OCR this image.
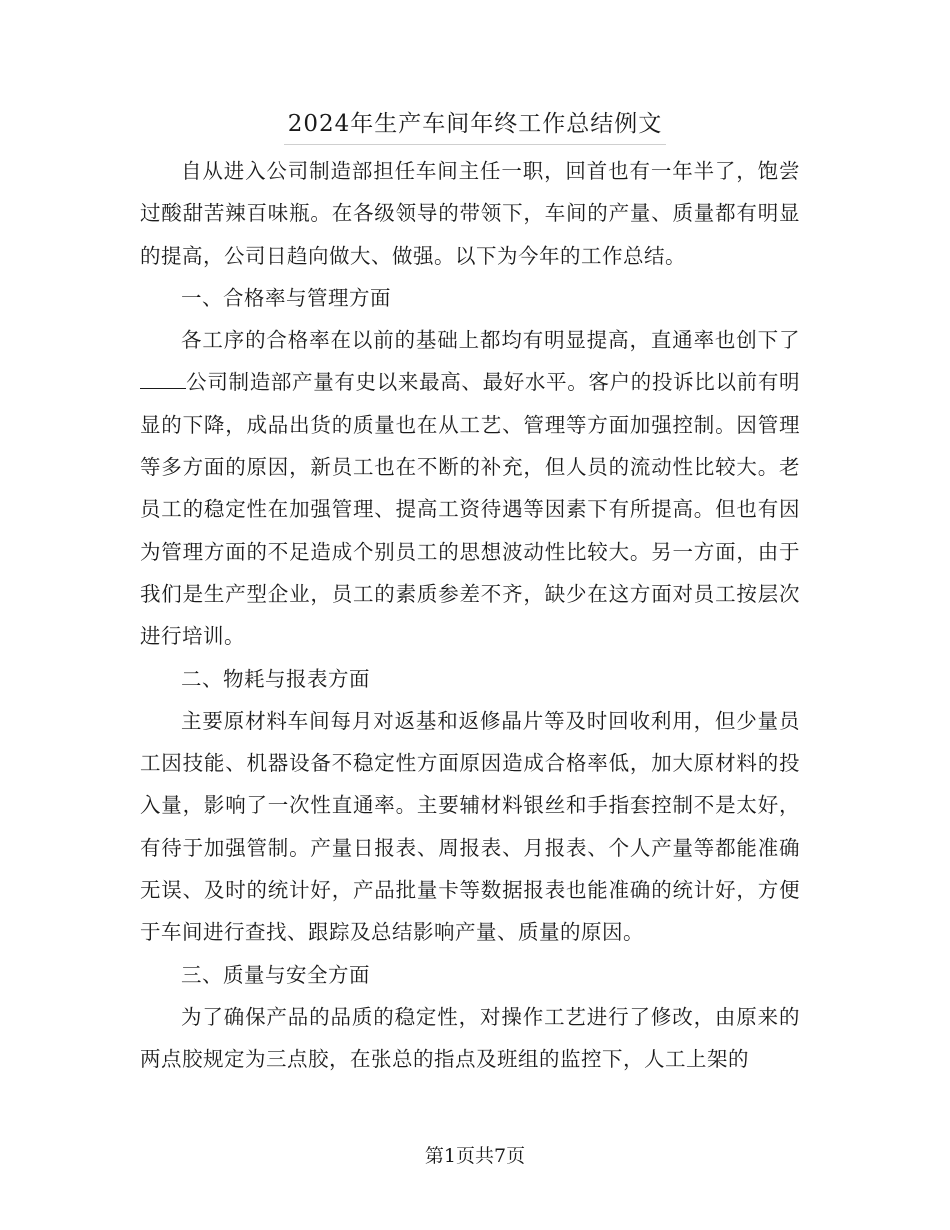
2024年生产车间年终工作总结例文

自从进入公司制造部担任车间主任一职，回首也有一年半了，饱尝过酸甜苦辣百味瓶。在各级领导的带领下，车间的产量、质量都有明显的提高，公司日趋向做大、做强。以下为今年的工作总结。

一、合格率与管理方面

各工序的合格率在以前的基础上都均有明显提高，直通率也创下了公司制造部产量有史以来最高、最好水平。客户的投诉比以前有明显的下降，成品出货的质量也在从工艺、管理等方面加强控制。因管理等多方面的原因，新员工也在不断的补充，但人员的流动性比较大。老员工的稳定性在加强管理、提高工资待遇等因素下有所提高。但也有因为管理方面的不足造成个别员工的思想波动性比较大。另一方面，由于我们是生产型企业，员工的素质参差不齐，缺少在这方面对员工按层次进行培训。

二、物耗与报表方面

主要原材料车间每月对返基和返修晶片等及时回收利用，但少量员工因技能、机器设备不稳定性方面原因造成合格率低，加大原材料的投入量，影响了一次性直通率。主要辅材料银丝和手指套控制不是太好，有待于加强管制。产量日报表、周报表、月报表、个人产量等都能准确无误、及时的统计好，产品批量卡等数据报表也能准确的统计好，方便于车间进行查找、跟踪及总结影响产量、质量的原因。

三、质量与安全方面

为了确保产品的品质的稳定性，对操作工艺进行了修改，由原来的两点胶规定为三点胶，在张总的指点及班组的监控下，人工上架的

第1页共7页
